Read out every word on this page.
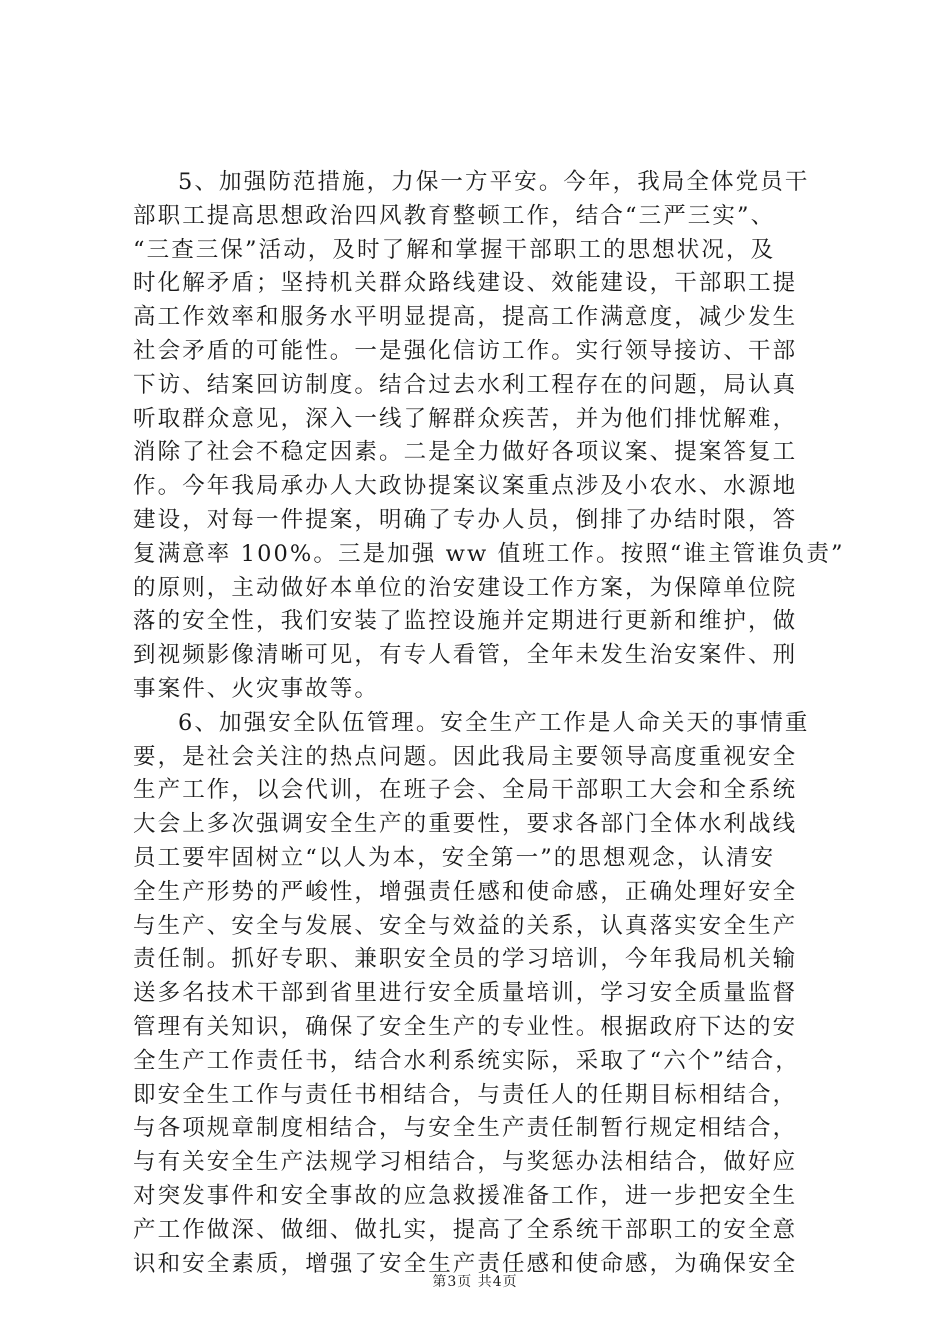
5、加强防范措施，力保一方平安。今年，我局全体党员干
部职工提高思想政治四风教育整顿工作，结合“三严三实”、
“三查三保”活动，及时了解和掌握干部职工的思想状况，及
时化解矛盾；坚持机关群众路线建设、效能建设，干部职工提
高工作效率和服务水平明显提高，提高工作满意度，减少发生
社会矛盾的可能性。一是强化信访工作。实行领导接访、干部
下访、结案回访制度。结合过去水利工程存在的问题，局认真
听取群众意见，深入一线了解群众疾苦，并为他们排忧解难，
消除了社会不稳定因素。二是全力做好各项议案、提案答复工
作。今年我局承办人大政协提案议案重点涉及小农水、水源地
建设，对每一件提案，明确了专办人员，倒排了办结时限，答
复满意率 100%。三是加强 ww 值班工作。按照“谁主管谁负责”
的原则，主动做好本单位的治安建设工作方案，为保障单位院
落的安全性，我们安装了监控设施并定期进行更新和维护，做
到视频影像清晰可见，有专人看管，全年未发生治安案件、刑
事案件、火灾事故等。
6、加强安全队伍管理。安全生产工作是人命关天的事情重
要，是社会关注的热点问题。因此我局主要领导高度重视安全
生产工作，以会代训，在班子会、全局干部职工大会和全系统
大会上多次强调安全生产的重要性，要求各部门全体水利战线
员工要牢固树立“以人为本，安全第一”的思想观念，认清安
全生产形势的严峻性，增强责任感和使命感，正确处理好安全
与生产、安全与发展、安全与效益的关系，认真落实安全生产
责任制。抓好专职、兼职安全员的学习培训，今年我局机关输
送多名技术干部到省里进行安全质量培训，学习安全质量监督
管理有关知识，确保了安全生产的专业性。根据政府下达的安
全生产工作责任书，结合水利系统实际，采取了“六个”结合，
即安全生工作与责任书相结合，与责任人的任期目标相结合，
与各项规章制度相结合，与安全生产责任制暂行规定相结合，
与有关安全生产法规学习相结合，与奖惩办法相结合，做好应
对突发事件和安全事故的应急救援准备工作，进一步把安全生
产工作做深、做细、做扎实，提高了全系统干部职工的安全意
识和安全素质，增强了安全生产责任感和使命感，为确保安全
第3页 共4页
